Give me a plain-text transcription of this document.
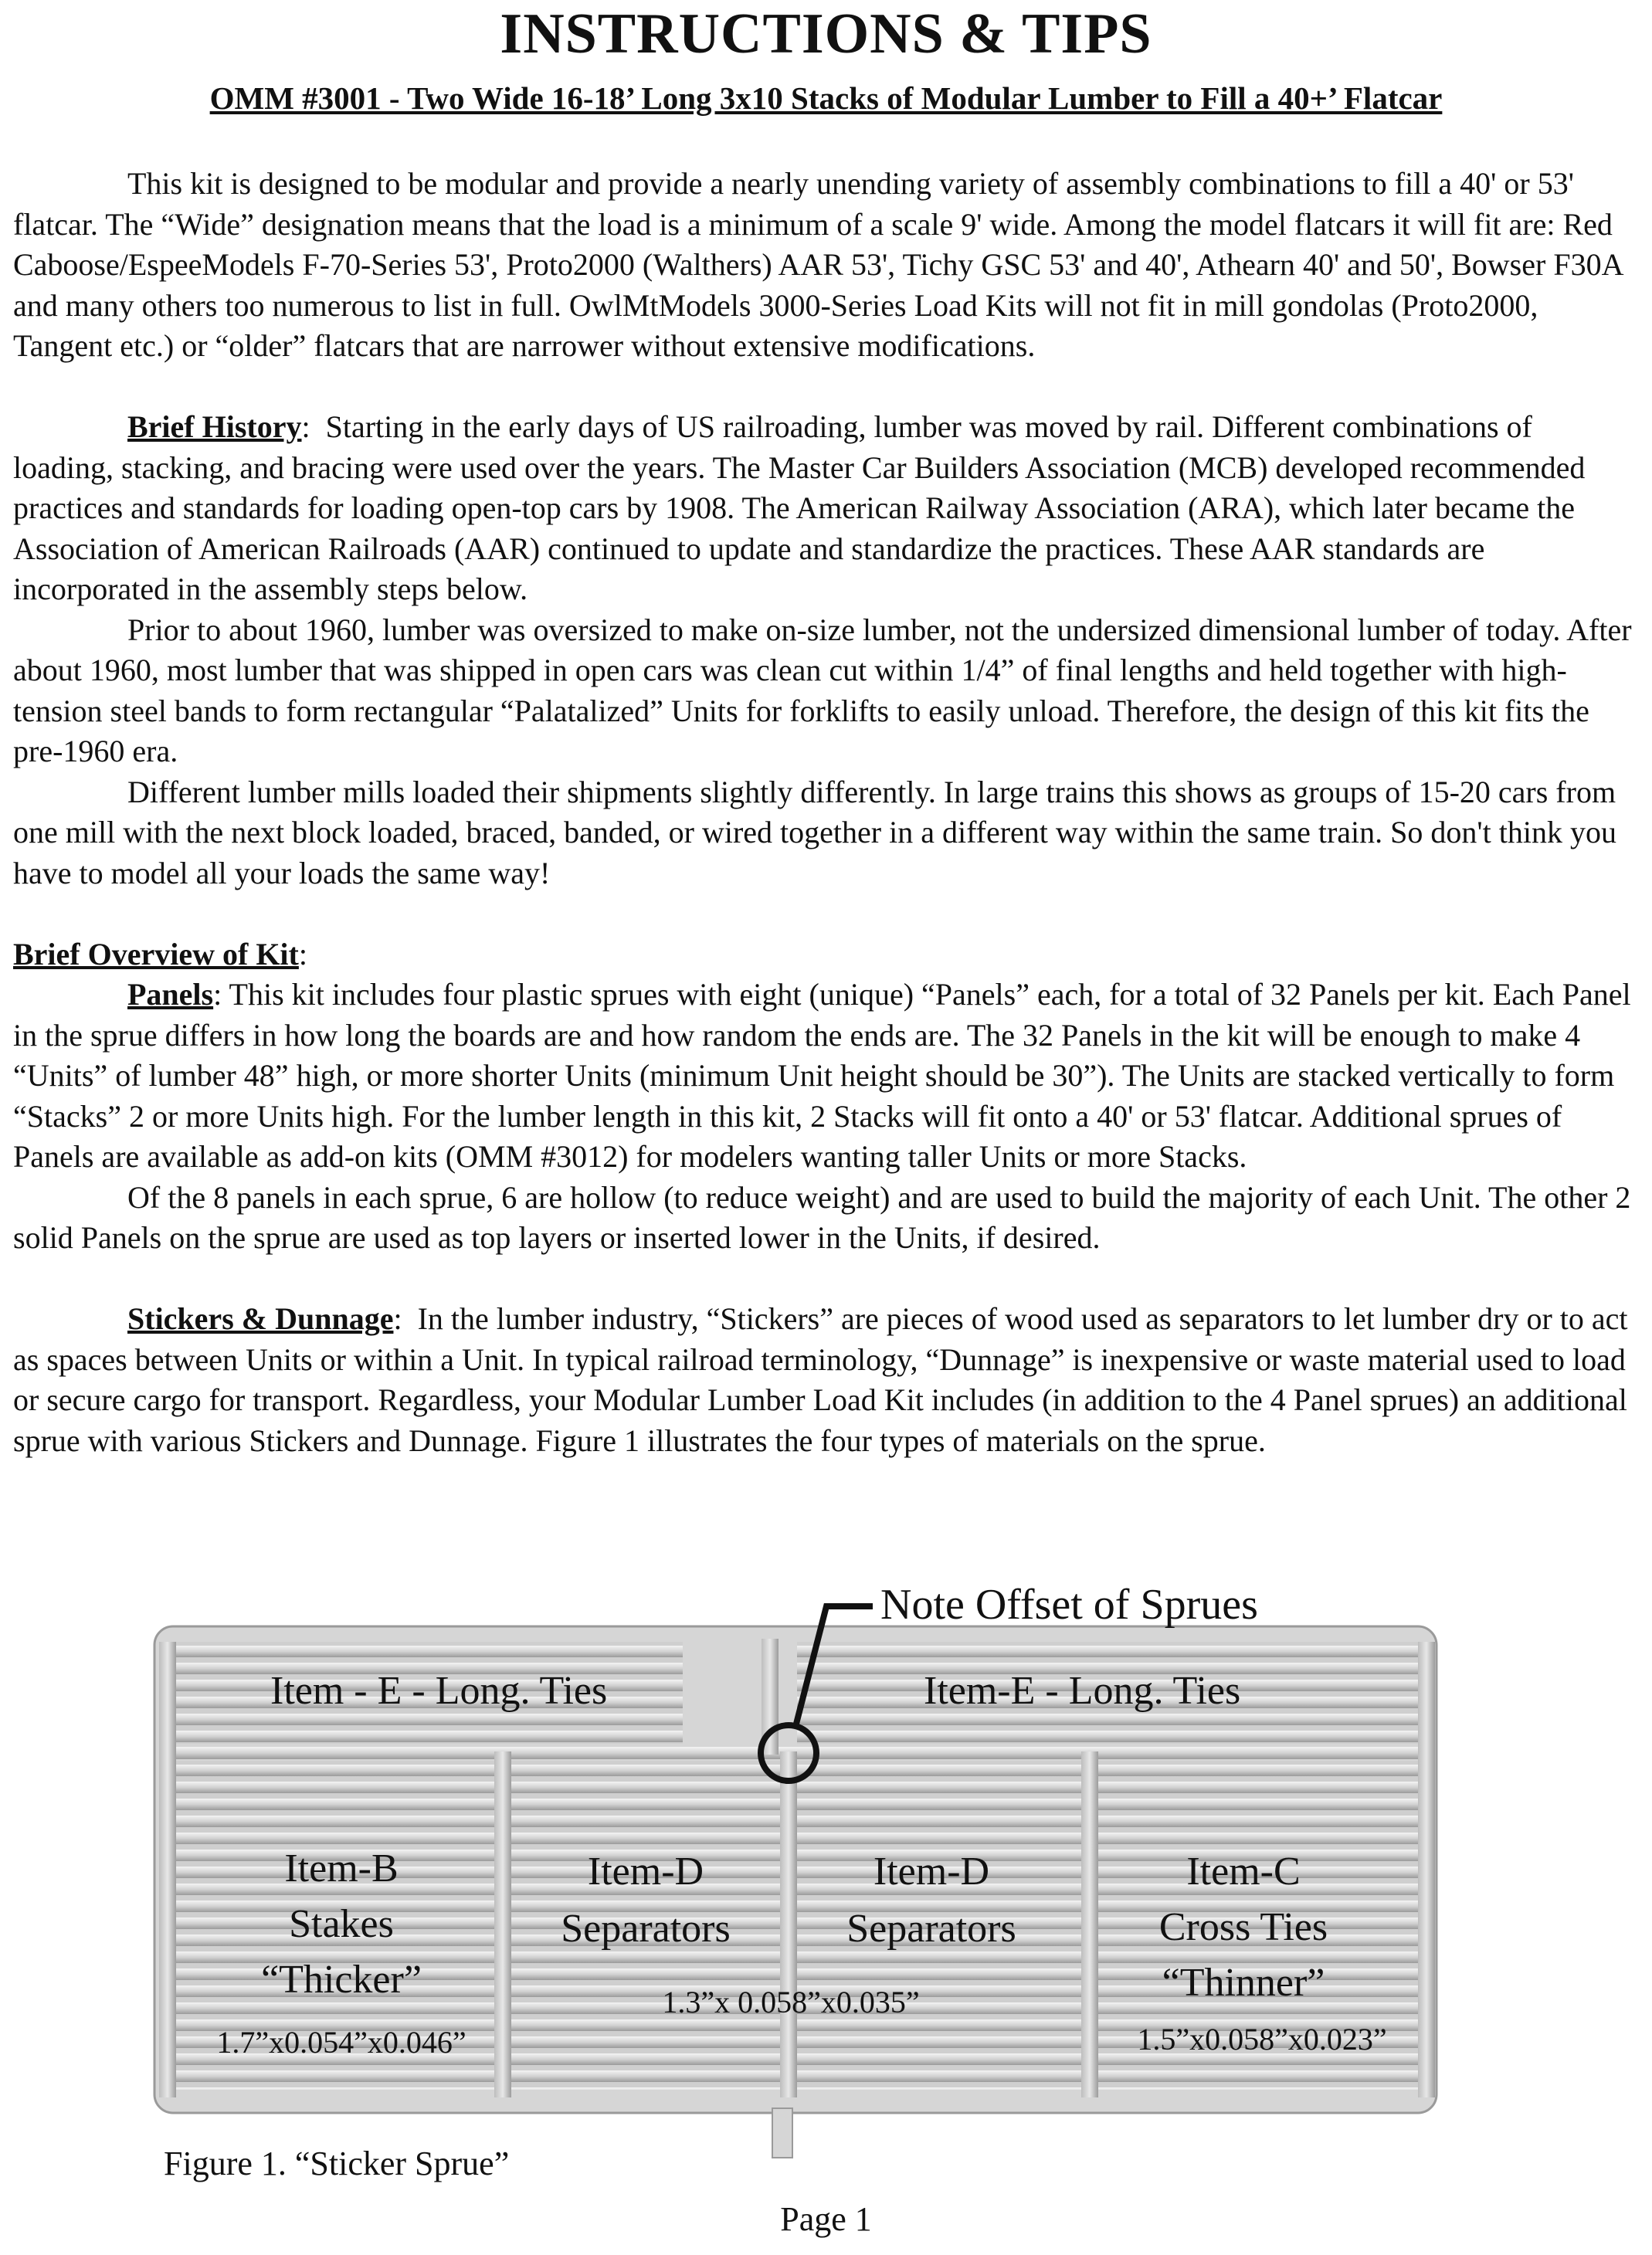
INSTRUCTIONS & TIPS

OMM #3001 - Two Wide 16-18’ Long 3x10 Stacks of Modular Lumber to Fill a 40+’ Flatcar

This kit is designed to be modular and provide a nearly unending variety of assembly combinations to fill a 40' or 53' flatcar. The “Wide” designation means that the load is a minimum of a scale 9' wide. Among the model flatcars it will fit are: Red Caboose/EspeeModels F-70-Series 53', Proto2000 (Walthers) AAR 53', Tichy GSC 53' and 40', Athearn 40' and 50', Bowser F30A and many others too numerous to list in full. OwlMtModels 3000-Series Load Kits will not fit in mill gondolas (Proto2000, Tangent etc.) or “older” flatcars that are narrower without extensive modifications.

Brief History:  Starting in the early days of US railroading, lumber was moved by rail. Different combinations of loading, stacking, and bracing were used over the years. The Master Car Builders Association (MCB) developed recommended practices and standards for loading open-top cars by 1908. The American Railway Association (ARA), which later became the Association of American Railroads (AAR) continued to update and standardize the practices. These AAR standards are incorporated in the assembly steps below.

Prior to about 1960, lumber was oversized to make on-size lumber, not the undersized dimensional lumber of today. After about 1960, most lumber that was shipped in open cars was clean cut within 1/4” of final lengths and held together with high-tension steel bands to form rectangular “Palatalized” Units for forklifts to easily unload. Therefore, the design of this kit fits the pre-1960 era.

Different lumber mills loaded their shipments slightly differently. In large trains this shows as groups of 15-20 cars from one mill with the next block loaded, braced, banded, or wired together in a different way within the same train. So don't think you have to model all your loads the same way!

Brief Overview of Kit:

Panels: This kit includes four plastic sprues with eight (unique) “Panels” each, for a total of 32 Panels per kit. Each Panel in the sprue differs in how long the boards are and how random the ends are. The 32 Panels in the kit will be enough to make 4 “Units” of lumber 48” high, or more shorter Units (minimum Unit height should be 30”). The Units are stacked vertically to form “Stacks” 2 or more Units high. For the lumber length in this kit, 2 Stacks will fit onto a 40' or 53' flatcar. Additional sprues of Panels are available as add-on kits (OMM #3012) for modelers wanting taller Units or more Stacks.

Of the 8 panels in each sprue, 6 are hollow (to reduce weight) and are used to build the majority of each Unit. The other 2 solid Panels on the sprue are used as top layers or inserted lower in the Units, if desired.

Stickers & Dunnage:  In the lumber industry, “Stickers” are pieces of wood used as separators to let lumber dry or to act as spaces between Units or within a Unit. In typical railroad terminology, “Dunnage” is inexpensive or waste material used to load or secure cargo for transport. Regardless, your Modular Lumber Load Kit includes (in addition to the 4 Panel sprues) an additional sprue with various Stickers and Dunnage. Figure 1 illustrates the four types of materials on the sprue.

Note Offset of Sprues
Item - E - Long. Ties	Item-E - Long. Ties
Item-B
Stakes
“Thicker”
1.7”x0.054”x0.046”
Item-D
Separators
Item-D
Separators
1.3”x 0.058”x0.035”
Item-C
Cross Ties
“Thinner”
1.5”x0.058”x0.023”
Figure 1. “Sticker Sprue”
Page 1
